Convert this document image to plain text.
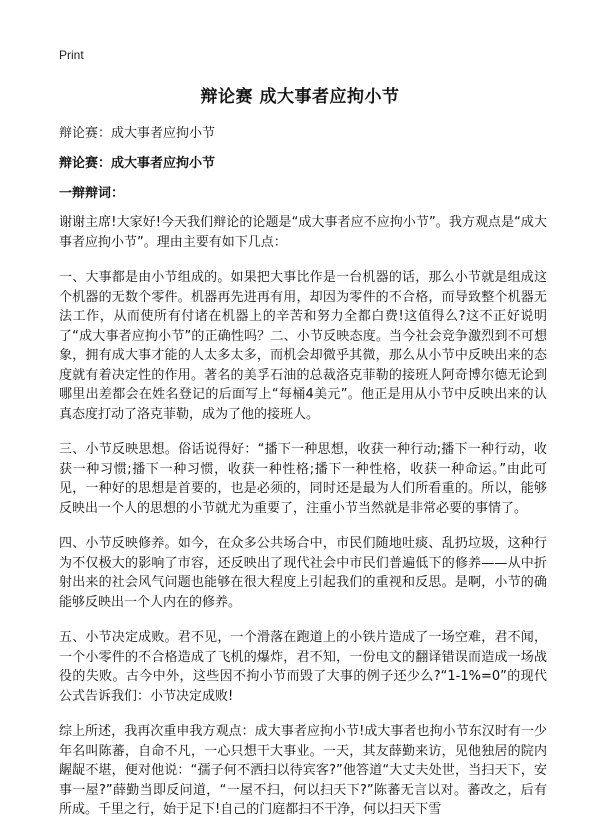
Print
辩论赛 成大事者应拘小节
辩论赛：成大事者应拘小节
辩论赛：成大事者应拘小节
一辩辩词：

谢谢主席!大家好!今天我们辩论的论题是“成大事者应不应拘小节”。我方观点是“成大事者应拘小节”。理由主要有如下几点：

一、大事都是由小节组成的。如果把大事比作是一台机器的话，那么小节就是组成这个机器的无数个零件。机器再先进再有用，却因为零件的不合格，而导致整个机器无法工作，从而使所有付诸在机器上的辛苦和努力全都白费!这值得么?这不正好说明了“成大事者应拘小节”的正确性吗？二、小节反映态度。当今社会竞争激烈到不可想象，拥有成大事才能的人太多太多，而机会却微乎其微，那么从小节中反映出来的态度就有着决定性的作用。著名的美孚石油的总裁洛克菲勒的接班人阿奇博尔德无论到哪里出差都会在姓名登记的后面写上“每桶4美元”。他正是用从小节中反映出来的认真态度打动了洛克菲勒，成为了他的接班人。

三、小节反映思想。俗话说得好：“播下一种思想，收获一种行动;播下一种行动，收获一种习惯;播下一种习惯，收获一种性格;播下一种性格，收获一种命运。”由此可见，一种好的思想是首要的，也是必须的，同时还是最为人们所看重的。所以，能够反映出一个人的思想的小节就尤为重要了，注重小节当然就是非常必要的事情了。

四、小节反映修养。如今，在众多公共场合中，市民们随地吐痰、乱扔垃圾，这种行为不仅极大的影响了市容，还反映出了现代社会中市民们普遍低下的修养——从中折射出来的社会风气问题也能够在很大程度上引起我们的重视和反思。是啊，小节的确能够反映出一个人内在的修养。

五、小节决定成败。君不见，一个滑落在跑道上的小铁片造成了一场空难，君不闻，一个小零件的不合格造成了飞机的爆炸，君不知，一份电文的翻译错误而造成一场战役的失败。古今中外，这些因不拘小节而毁了大事的例子还少么?“1-1%=0”的现代公式告诉我们：小节决定成败!

综上所述，我再次重申我方观点：成大事者应拘小节!成大事者也拘小节东汉时有一少年名叫陈蕃，自命不凡，一心只想干大事业。一天，其友薛勤来访，见他独居的院内龌龊不堪，便对他说：“孺子何不洒扫以待宾客?”他答道“大丈夫处世，当扫天下，安事一屋?”薛勤当即反问道，“一屋不扫，何以扫天下?”陈蕃无言以对。蕃改之，后有所成。千里之行，始于足下!自己的门庭都扫不干净，何以扫天下雪
